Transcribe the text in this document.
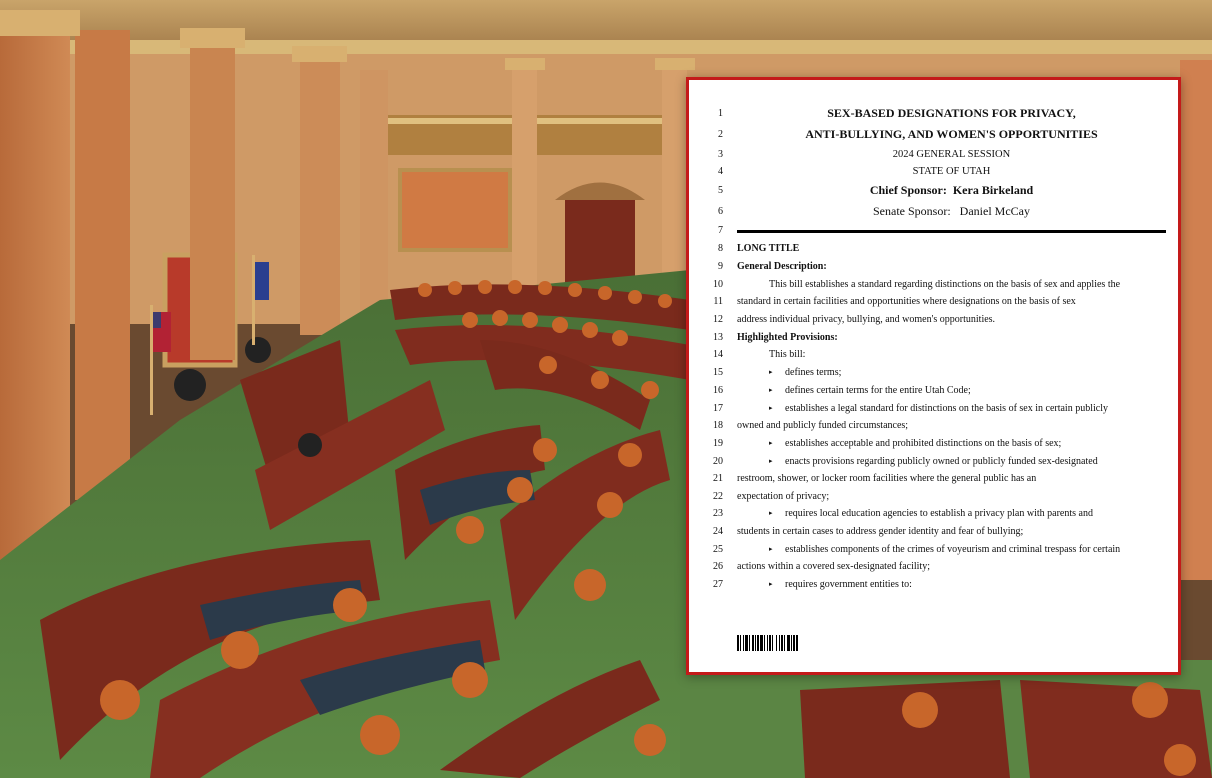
1	SEX-BASED DESIGNATIONS FOR PRIVACY,
2	ANTI-BULLYING, AND WOMEN'S OPPORTUNITIES
3	2024 GENERAL SESSION
4	STATE OF UTAH
5	Chief Sponsor: Kera Birkeland
6	Senate Sponsor: Daniel McCay
7
8 LONG TITLE
9 General Description:
10	This bill establishes a standard regarding distinctions on the basis of sex and applies the
11 standard in certain facilities and opportunities where designations on the basis of sex
12 address individual privacy, bullying, and women's opportunities.
13 Highlighted Provisions:
14	This bill:
15	▸ defines terms;
16	▸ defines certain terms for the entire Utah Code;
17	▸ establishes a legal standard for distinctions on the basis of sex in certain publicly
18 owned and publicly funded circumstances;
19	▸ establishes acceptable and prohibited distinctions on the basis of sex;
20	▸ enacts provisions regarding publicly owned or publicly funded sex-designated
21 restroom, shower, or locker room facilities where the general public has an
22 expectation of privacy;
23	▸ requires local education agencies to establish a privacy plan with parents and
24 students in certain cases to address gender identity and fear of bullying;
25	▸ establishes components of the crimes of voyeurism and criminal trespass for certain
26 actions within a covered sex-designated facility;
27	▸ requires government entities to:
